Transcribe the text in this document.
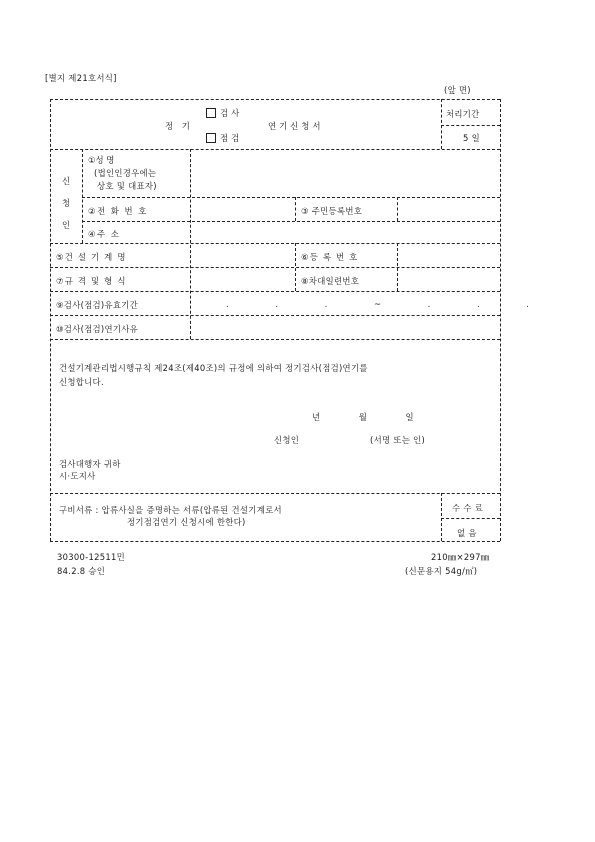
[별지 제21호서식]
(앞 면)
검사
점검
정 기	연기신청서
처리기간
5 일
신청인
①성 명
(법인인경우에는
상호 및 대표자)
②전 화 번 호	③ 주민등록번호
④주 소
⑤건 설 기 계 명	⑥등 록 번 호
⑦규 격 및 형 식	⑧차대일련번호
⑨검사(점검)유효기간	. . . ~ . . .
⑩검사(점검)연기사유
건설기계관리법시행규칙 제24조(제40조)의 규정에 의하여 정기검사(점검)연기를
신청합니다.
년 월 일
신청인	(서명 또는 인)
검사대행자 귀하
시·도지사
구비서류 : 압류사실을 증명하는 서류(압류된 건설기계로서
정기점검연기 신청시에 한한다)
수 수 료
없 음
30300-12511민
84.2.8 승인
210㎜×297㎜
(신문용지 54g/㎡)
